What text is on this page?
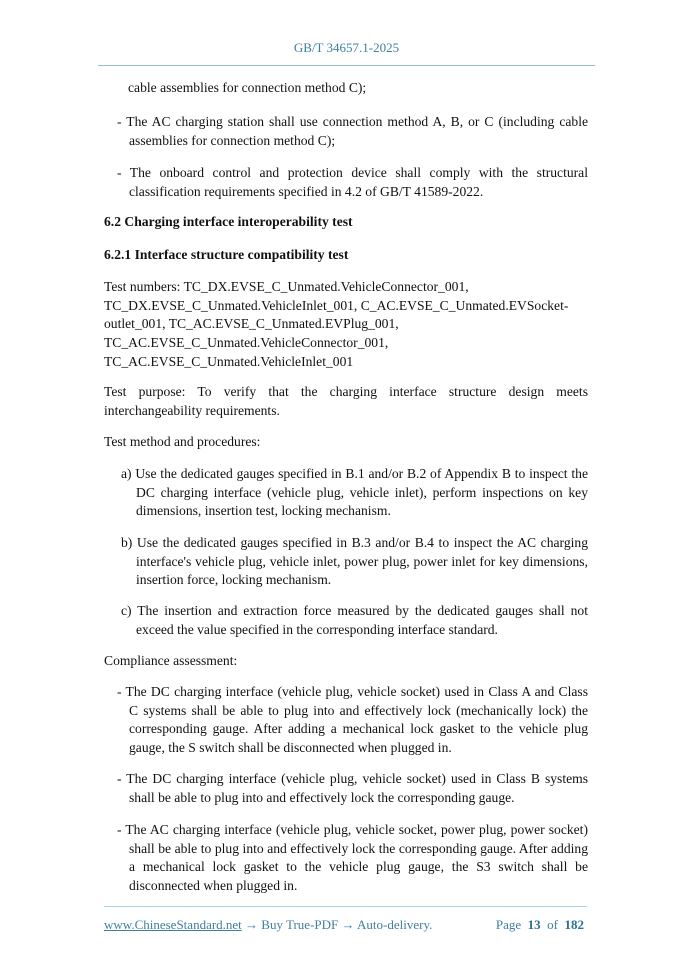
GB/T 34657.1-2025
cable assemblies for connection method C);
- The AC charging station shall use connection method A, B, or C (including cable assemblies for connection method C);
- The onboard control and protection device shall comply with the structural classification requirements specified in 4.2 of GB/T 41589-2022.
6.2 Charging interface interoperability test
6.2.1 Interface structure compatibility test
Test numbers: TC_DX.EVSE_C_Unmated.VehicleConnector_001,
TC_DX.EVSE_C_Unmated.VehicleInlet_001, C_AC.EVSE_C_Unmated.EVSocket-
outlet_001, TC_AC.EVSE_C_Unmated.EVPlug_001,
TC_AC.EVSE_C_Unmated.VehicleConnector_001,
TC_AC.EVSE_C_Unmated.VehicleInlet_001
Test purpose: To verify that the charging interface structure design meets interchangeability requirements.
Test method and procedures:
a) Use the dedicated gauges specified in B.1 and/or B.2 of Appendix B to inspect the DC charging interface (vehicle plug, vehicle inlet), perform inspections on key dimensions, insertion test, locking mechanism.
b) Use the dedicated gauges specified in B.3 and/or B.4 to inspect the AC charging interface's vehicle plug, vehicle inlet, power plug, power inlet for key dimensions, insertion force, locking mechanism.
c) The insertion and extraction force measured by the dedicated gauges shall not exceed the value specified in the corresponding interface standard.
Compliance assessment:
- The DC charging interface (vehicle plug, vehicle socket) used in Class A and Class C systems shall be able to plug into and effectively lock (mechanically lock) the corresponding gauge. After adding a mechanical lock gasket to the vehicle plug gauge, the S switch shall be disconnected when plugged in.
- The DC charging interface (vehicle plug, vehicle socket) used in Class B systems shall be able to plug into and effectively lock the corresponding gauge.
- The AC charging interface (vehicle plug, vehicle socket, power plug, power socket) shall be able to plug into and effectively lock the corresponding gauge. After adding a mechanical lock gasket to the vehicle plug gauge, the S3 switch shall be disconnected when plugged in.
www.ChineseStandard.net → Buy True-PDF → Auto-delivery.	Page 13 of 182
